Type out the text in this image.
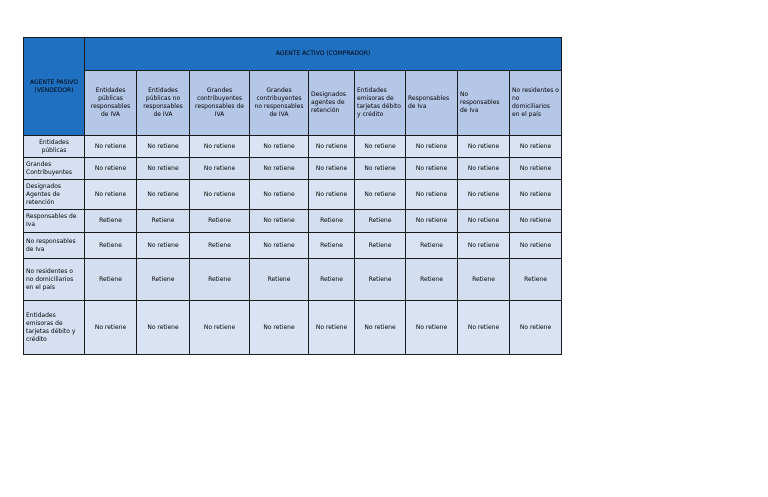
AGENTE PASIVO (VENDEDOR)	AGENTE ACTIVO (COMPRADOR)								
	Entidades públicas responsables de IVA	Entidades públicas no responsables de IVA	Grandes contribuyentes responsables de IVA	Grandes contribuyentes no responsables de IVA	Designados agentes de retención	Entidades emisoras de tarjetas débito y crédito	Responsables de Iva	No responsables de Iva	No residentes o no domiciliarios en el país
Entidades públicas	No retiene	No retiene	No retiene	No retiene	No retiene	No retiene	No retiene	No retiene	No retiene
Grandes Contribuyentes	No retiene	No retiene	No retiene	No retiene	No retiene	No retiene	No retiene	No retiene	No retiene
Designados Agentes de retención	No retiene	No retiene	No retiene	No retiene	No retiene	No retiene	No retiene	No retiene	No retiene
Responsables de Iva	Retiene	Retiene	Retiene	No retiene	Retiene	Retiene	No retiene	No retiene	No retiene
No responsables de Iva	Retiene	No retiene	Retiene	No retiene	Retiene	Retiene	Retiene	No retiene	No retiene
No residentes o no domiciliarios en el país	Retiene	Retiene	Retiene	Retiene	Retiene	Retiene	Retiene	Retiene	Retiene
Entidades emisoras de tarjetas débito y crédito	No retiene	No retiene	No retiene	No retiene	No retiene	No retiene	No retiene	No retiene	No retiene
